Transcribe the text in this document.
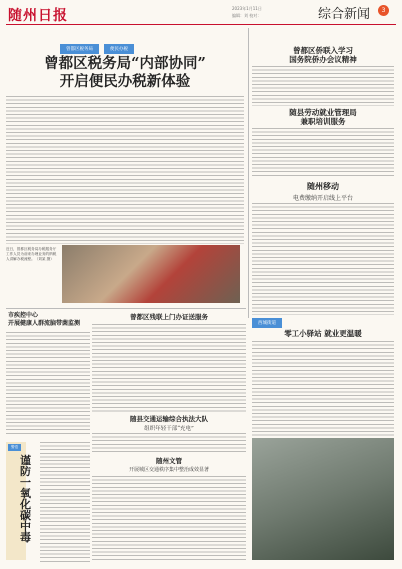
随州日报	2023年1月11日
编辑：刘 校对：	综合新闻	3
曾都区税务局	便民办税
曾都区税务局“内部协同”
开启便民办税新体验
近日，曾都区税务局办税服务厅工作人员为前来办理业务的纳税人讲解办税流程。（刘某 摄）
曾都区侨联入学习
国务院侨办会议精神
随县劳动就业管理局
兼职培训服务
随州移动
电费缴纳开启线上平台
西城街道
零工小驿站 就业更温暖
市疾控中心
开展健康人群流脑带菌监测
曾都区残联上门办证送服务
随县交通运输综合执法大队
组织年轻干部“充电”
随州文管
开展城区交通秩序集中整治成效显著
警语
谨防一氧化碳中毒
